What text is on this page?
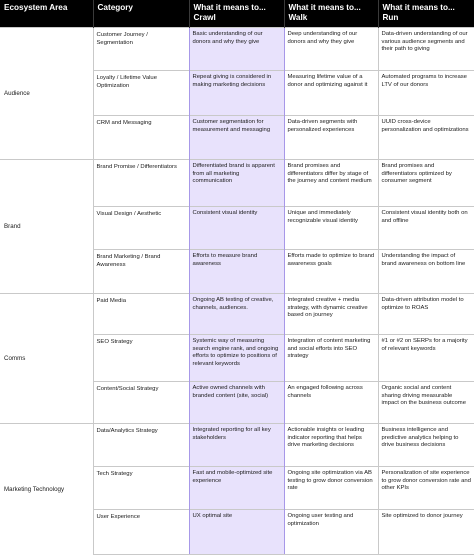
Ecosystem Area	Category	What it means to... Crawl	What it means to... Walk	What it means to... Run
Audience	Customer Journey / Segmentation	Basic understanding of our donors and why they give	Deep understanding of our donors and why they give	Data-driven understanding of our various audience segments and their path to giving
	Loyalty / Lifetime Value Optimization	Repeat giving is considered in making marketing decisions	Measuring lifetime value of a donor and optimizing against it	Automated programs to increase LTV of our donors
	CRM and Messaging	Customer segmentation for measurement and messaging	Data-driven segments with personalized experiences	UUID cross-device personalization and optimizations
Brand	Brand Promise / Differentiators	Differentiated brand is apparent from all marketing communication	Brand promises and differentiators differ by stage of the journey and content medium	Brand promises and differentiators optimized by consumer segment
	Visual Design / Aesthetic	Consistent visual identity	Unique and immediately recognizable visual identity	Consistent visual identity both on and offline
	Brand Marketing / Brand Awareness	Efforts to measure brand awareness	Efforts made to optimize to brand awareness goals	Understanding the impact of brand awareness on bottom line
Comms	Paid Media	Ongoing AB testing of creative, channels, audiences.	Integrated creative + media strategy, with dynamic creative based on journey	Data-driven attribution model to optimize to ROAS
	SEO Strategy	Systemic way of measuring search engine rank, and ongoing efforts to optimize to positions of relevant keywords	Integration of content marketing and social efforts into SEO strategy	#1 or #2 on SERPs for a majority of relevant keywords
	Content/Social Strategy	Active owned channels with branded content (site, social)	An engaged following across channels	Organic social and content sharing driving measurable impact on the business outcome
Marketing Technology	Data/Analytics Strategy	Integrated reporting for all key stakeholders	Actionable insights or leading indicator reporting that helps drive marketing decisions	Business intelligence and predictive analytics helping to drive business decisions
	Tech Strategy	Fast and mobile-optimized site experience	Ongoing site optimization via AB testing to grow donor conversion rate	Personalization of site experience to grow donor conversion rate and other KPIs
	User Experience	UX optimal site	Ongoing user testing and optimization	Site optimized to donor journey
